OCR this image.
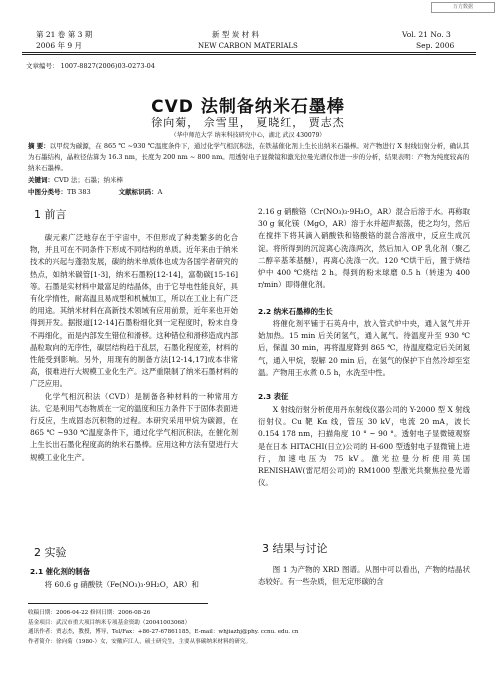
万方数据
第 21 卷 第 3 期	新 型 炭 材 料	Vol. 21 No. 3
2006 年 9 月	NEW CARBON MATERIALS	Sep. 2006
文章编号： 1007-8827(2006)03-0273-04
CVD 法制备纳米石墨棒
徐向菊， 佘雪里， 夏晓红， 贾志杰
（华中师范大学 纳米科技研究中心，湖北 武汉 430079）
摘 要：以甲烷为碳源，在 865 ℃ ~930 ℃温度条件下，通过化学气相沉积法，在铁基催化剂上生长出纳米石墨棒。对产物进行 X 射线衍射分析，确认其为石墨结构，晶粒径估算为 16.3 nm，长度为 200 nm ~ 800 nm。用透射电子显微镜和激光拉曼光谱仪作进一步的分析，结果表明：产物为纯度较高的纳米石墨棒。
关键词：CVD 法；石墨；纳米棒
中图分类号：TB 383	文献标识码：A
1 前言

碳元素广泛地存在于宇宙中，不但形成了种类繁多的化合物，并且可在不同条件下形成不同结构的单质。近年来由于纳米技术的兴起与蓬勃发展，碳的纳米单质体也成为各国学者研究的热点，如纳米碳管[1-3]，纳米石墨粉[12-14]，富勒碳[15-16]等。石墨是实材料中最富足的结晶体，由于它导电性能良好，具有化学惰性，耐高温且易成型和机械加工，所以在工业上有广泛的用途。其纳米材料在高新技术领域有应用前景，近年来也开始得到开发。据报道[12-14]石墨粉细化到一定程度时，粉末自身不再细化，而是内部发生错位和滑移。这种错位和滑移造成内部晶粒取向的无序性，碳层结构趋于乱层，石墨化程度差，材料的性能受到影响。另外，用现有的制备方法[12-14,17]成本非常高，很难进行大规模工业化生产。这严重限制了纳米石墨材料的广泛应用。

化学气相沉积法（CVD）是制备各种材料的一种常用方法。它是利用气态物质在一定的温度和压力条件下于固体表面进行反应，生成固态沉积物的过程。本研究采用甲烷为碳源，在 865 ℃ ~930 ℃温度条件下，通过化学气相沉积法，在催化剂上生长出石墨化程度高的纳米石墨棒。应用这种方法有望进行大规模工业化生产。

2 实验
2.1 催化剂的制备

将 60.6 g 硝酸铁（Fe(NO₃)₃·9H₂O，AR）和

2.16 g 硝酸铬（Cr(NO₃)₃·9H₂O，AR）混合后溶于水。再称取 30 g 氧化镁（MgO，AR）溶于水并超声振荡，使之均匀，然后在搅拌下将其滴入硝酸铁和铬酸铬的混合溶液中，反应生成沉淀。将所得到的沉淀离心洗涤两次，然后加入 OP 乳化剂（聚乙二醇辛基苯基醚），再离心洗涤一次。120 ℃烘干后，置于烧结炉中 400 ℃烧结 2 h。得到的粉末球磨 0.5 h（转速为 400 r/min）即得催化剂。

2.2 纳米石墨棒的生长

将催化剂平铺于石英舟中，放入管式炉中央，通入氢气并开始加热。15 min 后关闭氢气，通入氮气。待温度升至 930 ℃后，保温 30 min，再将温度降到 865 ℃，待温度稳定后关闭氮气，通入甲烷，裂解 20 min 后，在氢气的保护下自然冷却至室温。产物用王水煮 0.5 h，水洗至中性。

2.3 表征

X 射线衍射分析使用丹东射线仪器公司的 Y-2000 型 X 射线衍射仪。Cu 靶 Kα 线，管压 30 kV，电流 20 mA，波长 0.154 178 nm，扫描角度 10 ° ~ 90 °。透射电子显微镜观察是在日本 HITACHI(日立)公司的 H-600 型透射电子显微镜上进行，加速电压为 75 kV。激光拉曼分析使用英国 RENISHAW(雷尼绍公司)的 RM1000 型激光共聚焦拉曼光谱仪。

3 结果与讨论

图 1 为产物的 XRD 图谱。从图中可以看出，产物的结晶状态较好。有一些杂质，但无定形碳的含

收稿日期：2006-04-22 修回日期：2006-08-26
基金项目：武汉市重大项目纳米专项基金资助（20041003068）
通讯作者：贾志杰，教授，博导，Tel/Fax：+86-27-67861185，E-mail：whjiazhj@phy. ccnu. edu. cn
作者简介：徐向菊（1980-）女，安徽庐江人，硕士研究生，主要从事碳纳米材料的研究。
